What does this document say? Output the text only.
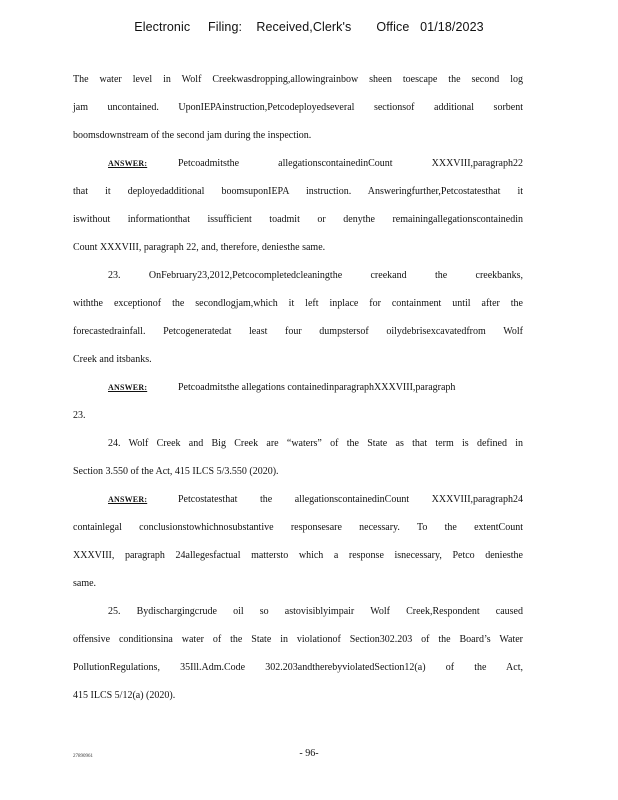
Electronic     Filing:    Received,Clerk's       Office   01/18/2023
The water level in Wolf Creekwasdropping,allowingrainbow sheen toescape the second log
jam uncontained. UponIEPAinstruction,Petcodeployedseveral sectionsof additional sorbent
boomsdownstream of the second jam during the inspection.
ANSWER:	Petcoadmitsthe allegationscontainedinCount XXXVIII,paragraph22
that it deployedadditional boomsuponIEPA instruction. Answeringfurther,Petcostatesthat it
iswithout informationthat issufficient toadmit or denythe remainingallegationscontainedin
Count XXXVIII, paragraph 22, and, therefore, deniesthe same.
23. OnFebruary23,2012,Petcocompletedcleaningthe creekand the creekbanks,
withthe exceptionof the secondlogjam,which it left inplace for containment until after the
forecastedrainfall. Petcogeneratedat least four dumpstersof oilydebrisexcavatedfrom Wolf
Creek and itsbanks.
ANSWER:	Petcoadmitsthe allegations containedinparagraphXXXVIII,paragraph
23.
24. Wolf Creek and Big Creek are “waters” of the State as that term is defined in
Section 3.550 of the Act, 415 ILCS 5/3.550 (2020).
ANSWER:	Petcostatesthat the allegationscontainedinCount XXXVIII,paragraph24
containlegal conclusionstowhichnosubstantive responsesare necessary. To the extentCount
XXXVIII, paragraph 24allegesfactual mattersto which a response isnecessary, Petco deniesthe
same.
25. Bydischargingcrude oil so astovisiblyimpair Wolf Creek,Respondent caused
offensive conditionsina water of the State in violationof Section302.203 of the Board’s Water
PollutionRegulations, 35Ill.Adm.Code 302.203andtherebyviolatedSection12(a) of the Act,
415 ILCS 5/12(a) (2020).
27890961	- 96-
